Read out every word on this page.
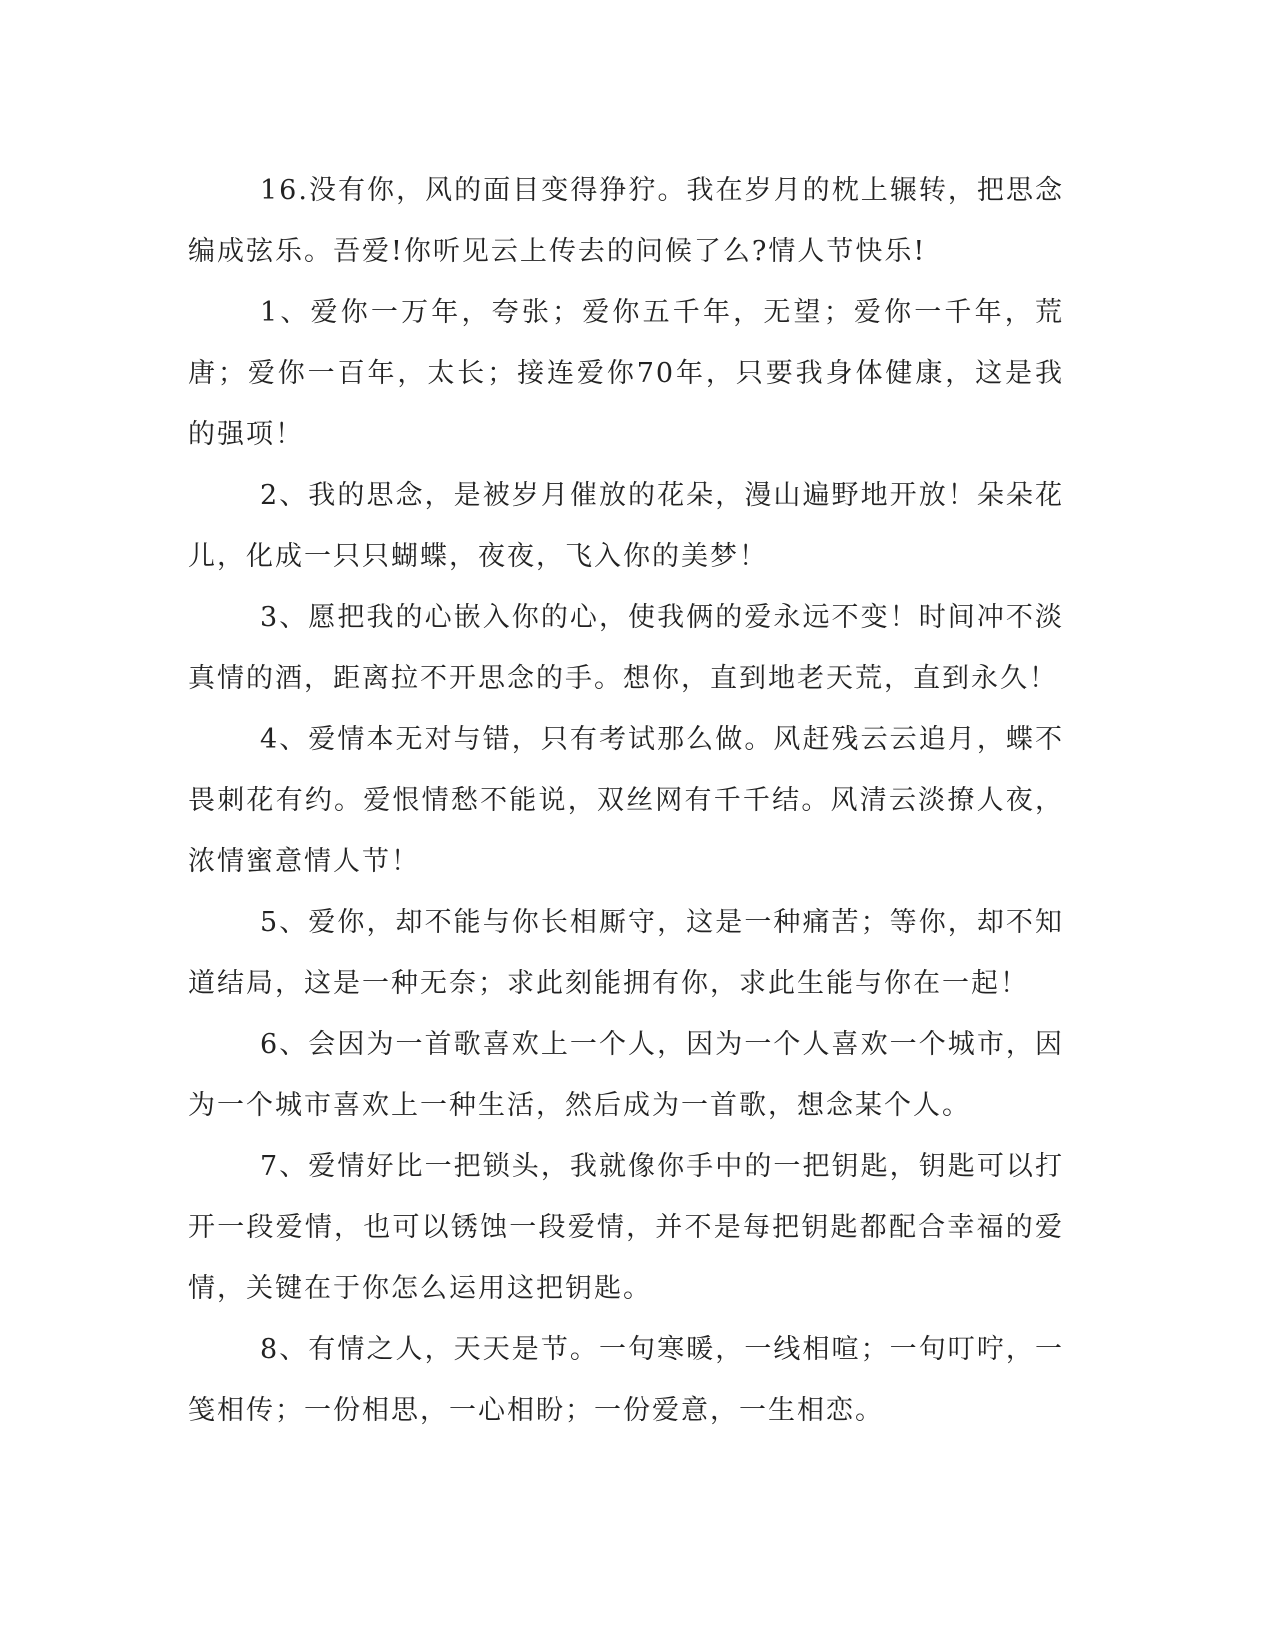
16.没有你，风的面目变得狰狞。我在岁月的枕上辗转，把思念编成弦乐。吾爱!你听见云上传去的问候了么?情人节快乐!

1、爱你一万年，夸张；爱你五千年，无望；爱你一千年，荒唐；爱你一百年，太长；接连爱你70年，只要我身体健康，这是我的强项！

2、我的思念，是被岁月催放的花朵，漫山遍野地开放！朵朵花儿，化成一只只蝴蝶，夜夜，飞入你的美梦！

3、愿把我的心嵌入你的心，使我俩的爱永远不变！时间冲不淡真情的酒，距离拉不开思念的手。想你，直到地老天荒，直到永久！

4、爱情本无对与错，只有考试那么做。风赶残云云追月，蝶不畏刺花有约。爱恨情愁不能说，双丝网有千千结。风清云淡撩人夜，浓情蜜意情人节！

5、爱你，却不能与你长相厮守，这是一种痛苦；等你，却不知道结局，这是一种无奈；求此刻能拥有你，求此生能与你在一起！

6、会因为一首歌喜欢上一个人，因为一个人喜欢一个城市，因为一个城市喜欢上一种生活，然后成为一首歌，想念某个人。

7、爱情好比一把锁头，我就像你手中的一把钥匙，钥匙可以打开一段爱情，也可以锈蚀一段爱情，并不是每把钥匙都配合幸福的爱情，关键在于你怎么运用这把钥匙。

8、有情之人，天天是节。一句寒暖，一线相喧；一句叮咛，一笺相传；一份相思，一心相盼；一份爱意，一生相恋。
